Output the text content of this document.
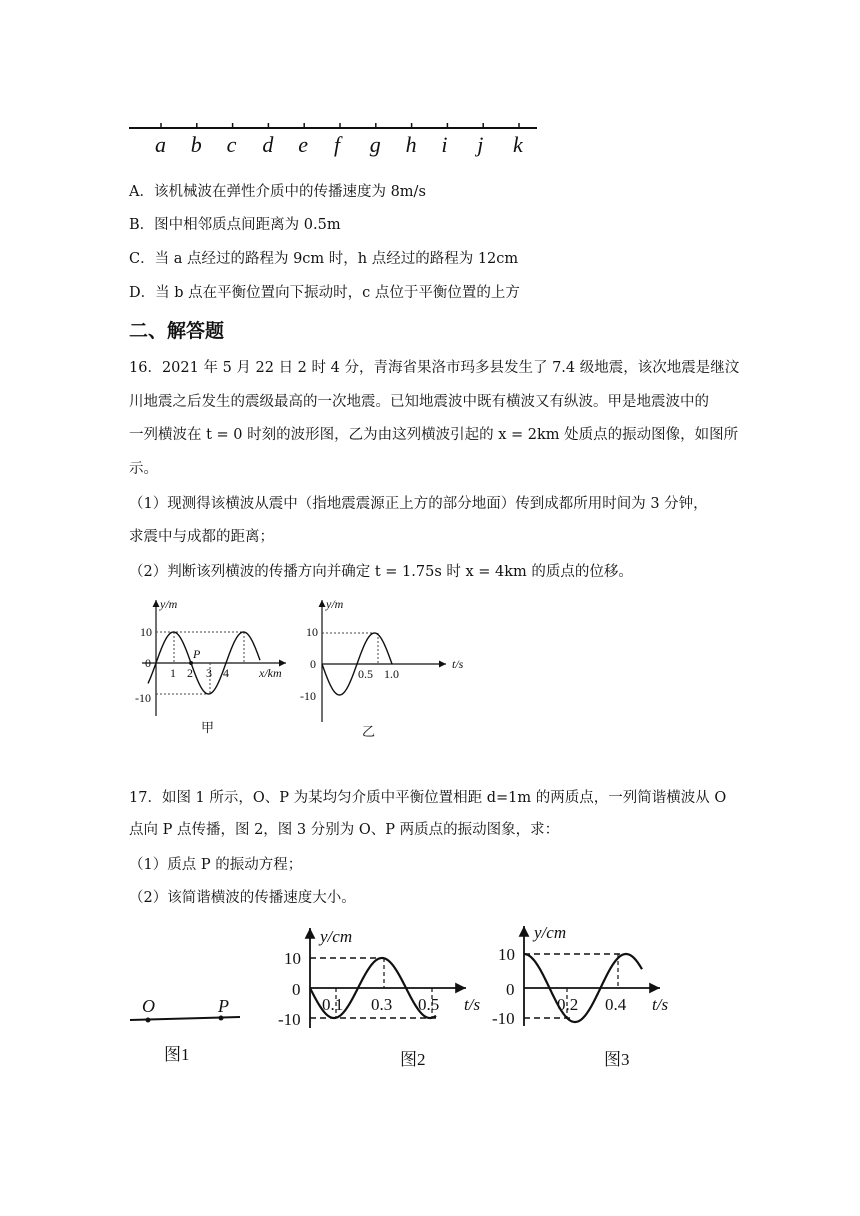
a b c d e f g h i j k
A．该机械波在弹性介质中的传播速度为 8m/s
B．图中相邻质点间距离为 0.5m
C．当 a 点经过的路程为 9cm 时，h 点经过的路程为 12cm
D．当 b 点在平衡位置向下振动时，c 点位于平衡位置的上方
二、解答题
16．2021 年 5 月 22 日 2 时 4 分，青海省果洛市玛多县发生了 7.4 级地震，该次地震是继汶
川地震之后发生的震级最高的一次地震。已知地震波中既有横波又有纵波。甲是地震波中的
一列横波在 t = 0 时刻的波形图，乙为由这列横波引起的 x = 2km 处质点的振动图像，如图所
示。
（1）现测得该横波从震中（指地震震源正上方的部分地面）传到成都所用时间为 3 分钟，
求震中与成都的距离；
（2）判断该列横波的传播方向并确定 t = 1.75s 时 x = 4km 的质点的位移。
y/m
x/km
10
0
-10
P
1 2 3 4
甲
y/m
t/s
10
0
-10
0.5 1.0
乙
17．如图 1 所示，O、P 为某均匀介质中平衡位置相距 d=1m 的两质点，一列简谐横波从 O
点向 P 点传播，图 2，图 3 分别为 O、P 两质点的振动图象，求：
（1）质点 P 的振动方程；
（2）该简谐横波的传播速度大小。
O	P
图1
y/cm
t/s
10
0
-10
0.1 0.3 0.5
图2
y/cm
t/s
10
0
-10
0.2 0.4
图3
